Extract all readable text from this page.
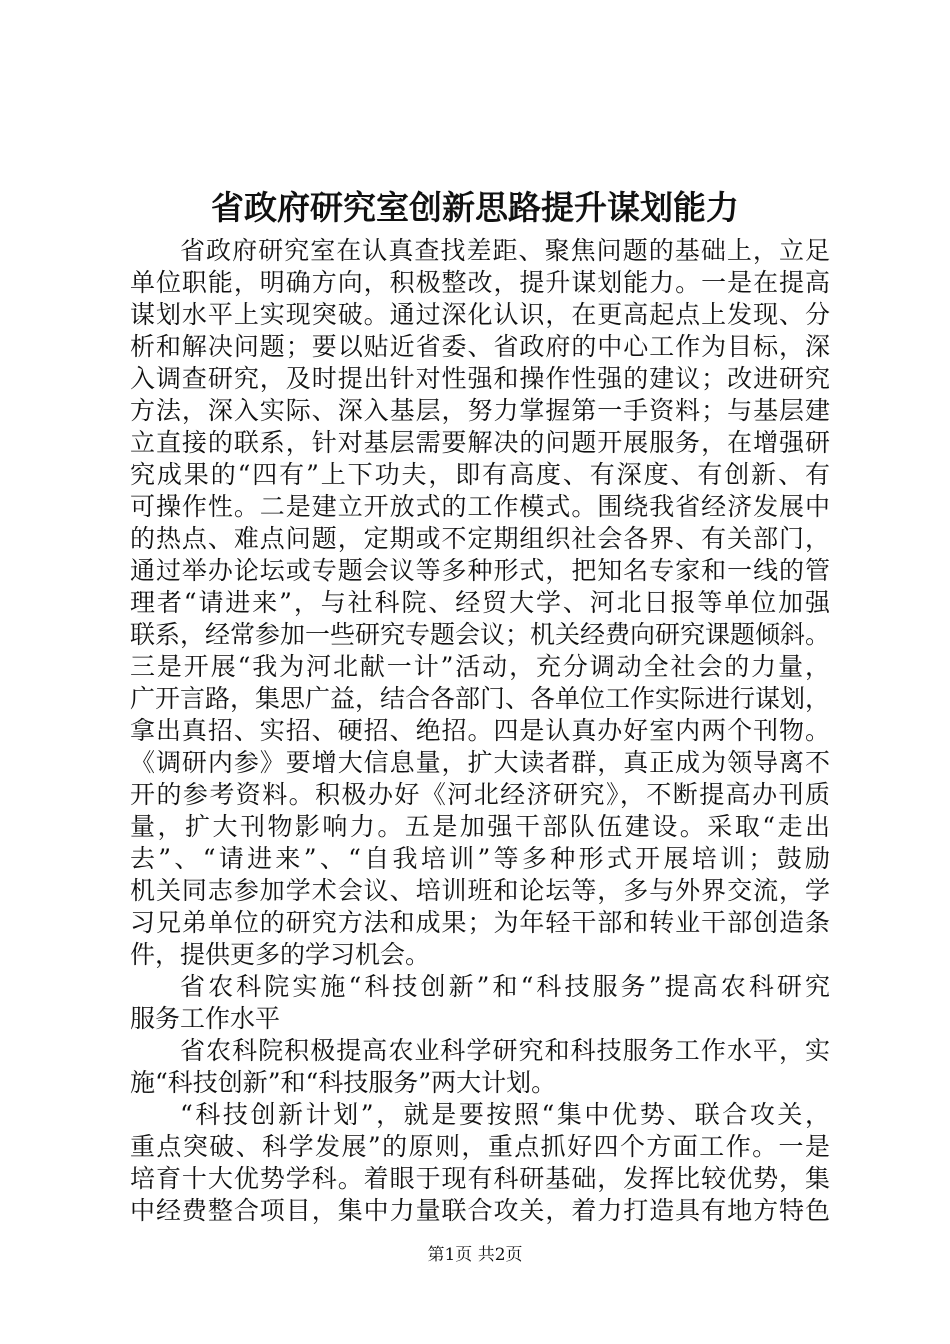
省政府研究室创新思路提升谋划能力
省政府研究室在认真查找差距、聚焦问题的基础上，立足
单位职能，明确方向，积极整改，提升谋划能力。一是在提高
谋划水平上实现突破。通过深化认识，在更高起点上发现、分
析和解决问题；要以贴近省委、省政府的中心工作为目标，深
入调查研究，及时提出针对性强和操作性强的建议；改进研究
方法，深入实际、深入基层，努力掌握第一手资料；与基层建
立直接的联系，针对基层需要解决的问题开展服务，在增强研
究成果的“四有”上下功夫，即有高度、有深度、有创新、有
可操作性。二是建立开放式的工作模式。围绕我省经济发展中
的热点、难点问题，定期或不定期组织社会各界、有关部门，
通过举办论坛或专题会议等多种形式，把知名专家和一线的管
理者“请进来”，与社科院、经贸大学、河北日报等单位加强
联系，经常参加一些研究专题会议；机关经费向研究课题倾斜。
三是开展“我为河北献一计”活动，充分调动全社会的力量，
广开言路，集思广益，结合各部门、各单位工作实际进行谋划，
拿出真招、实招、硬招、绝招。四是认真办好室内两个刊物。
《调研内参》要增大信息量，扩大读者群，真正成为领导离不
开的参考资料。积极办好《河北经济研究》，不断提高办刊质
量，扩大刊物影响力。五是加强干部队伍建设。采取“走出
去”、“请进来”、“自我培训”等多种形式开展培训；鼓励
机关同志参加学术会议、培训班和论坛等，多与外界交流，学
习兄弟单位的研究方法和成果；为年轻干部和转业干部创造条
件，提供更多的学习机会。
省农科院实施“科技创新”和“科技服务”提高农科研究
服务工作水平
省农科院积极提高农业科学研究和科技服务工作水平，实
施“科技创新”和“科技服务”两大计划。
“科技创新计划”，就是要按照“集中优势、联合攻关，
重点突破、科学发展”的原则，重点抓好四个方面工作。一是
培育十大优势学科。着眼于现有科研基础，发挥比较优势，集
中经费整合项目，集中力量联合攻关，着力打造具有地方特色
第1页 共2页
